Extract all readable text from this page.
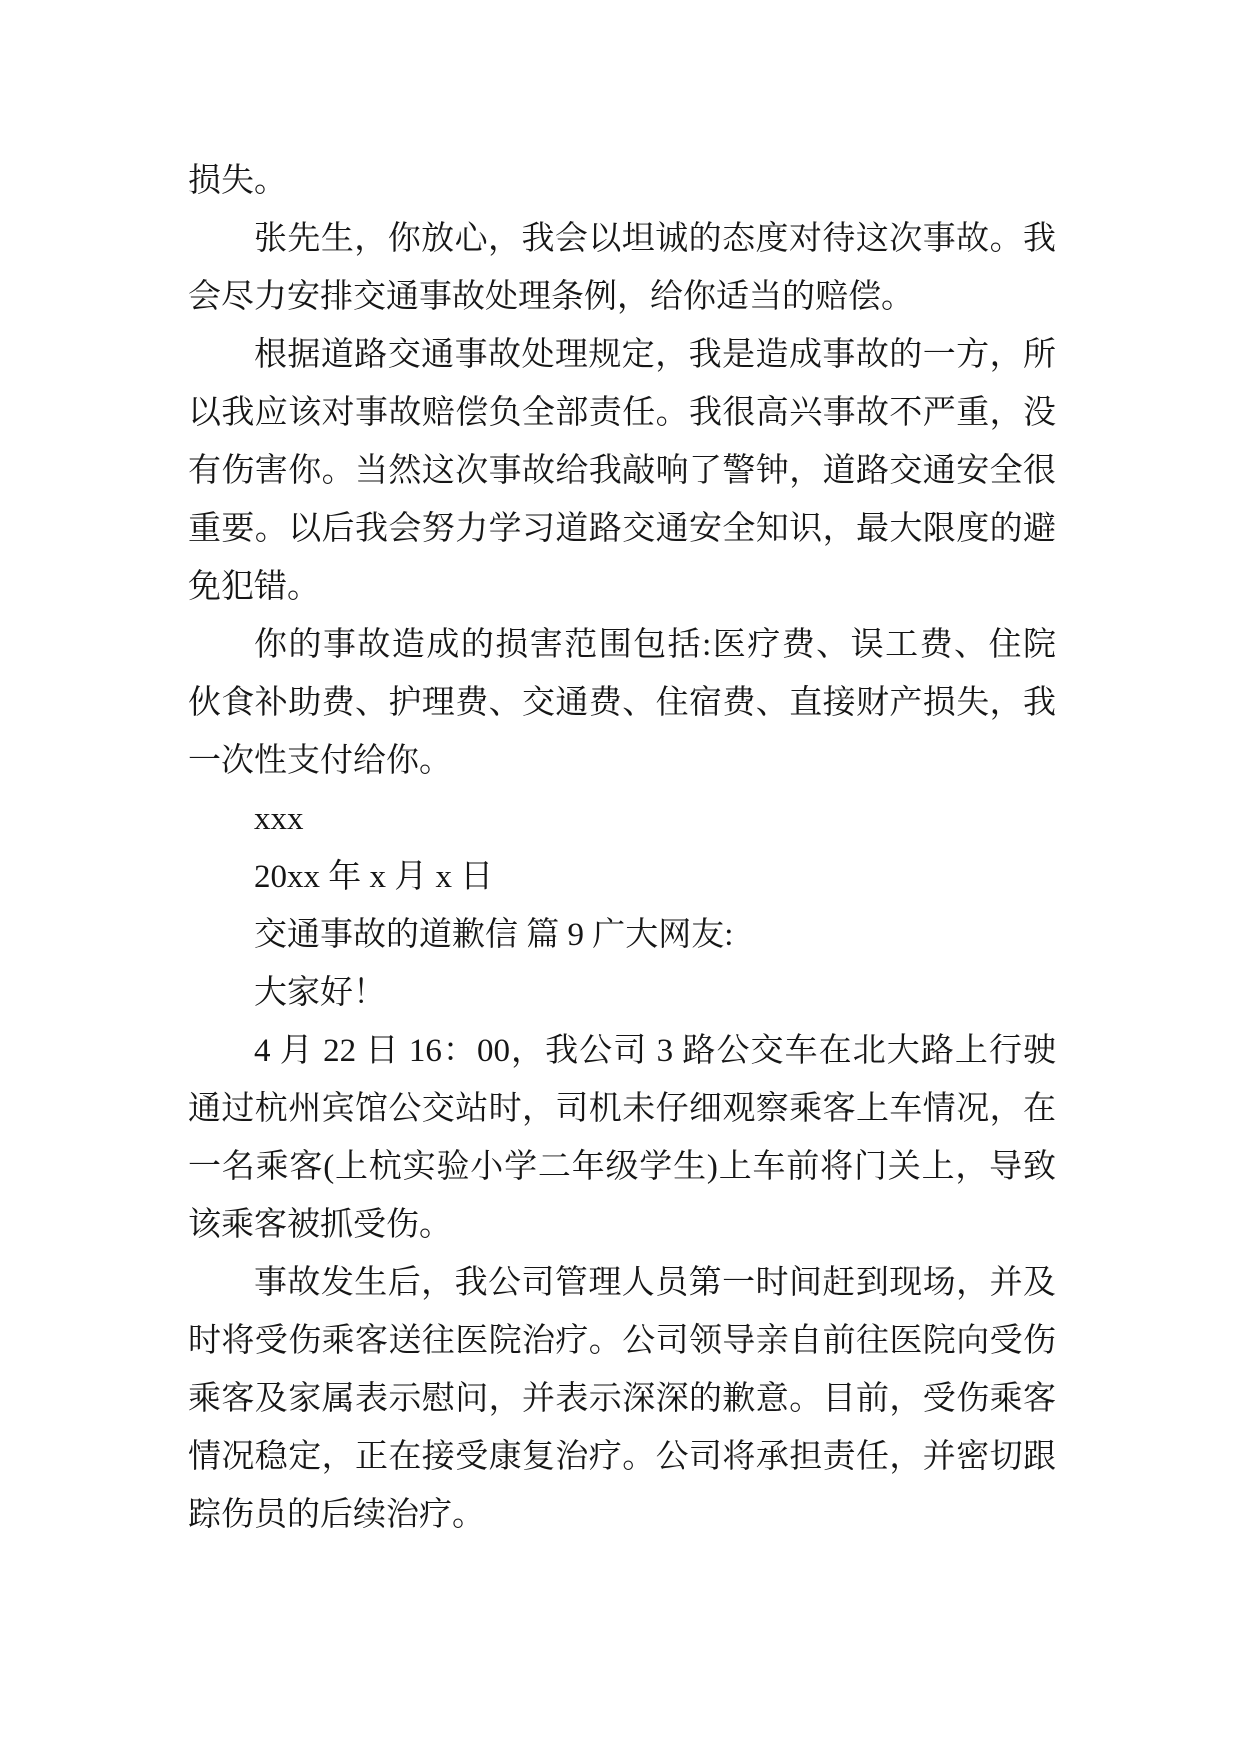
损失。
张先生，你放心，我会以坦诚的态度对待这次事故。我
会尽力安排交通事故处理条例，给你适当的赔偿。
根据道路交通事故处理规定，我是造成事故的一方，所
以我应该对事故赔偿负全部责任。我很高兴事故不严重，没
有伤害你。当然这次事故给我敲响了警钟，道路交通安全很
重要。以后我会努力学习道路交通安全知识，最大限度的避
免犯错。
你的事故造成的损害范围包括:医疗费、误工费、住院
伙食补助费、护理费、交通费、住宿费、直接财产损失，我
一次性支付给你。
xxx
20xx 年 x 月 x 日
交通事故的道歉信 篇 9 广大网友:
大家好！
4 月 22 日 16：00，我公司 3 路公交车在北大路上行驶
通过杭州宾馆公交站时，司机未仔细观察乘客上车情况，在
一名乘客(上杭实验小学二年级学生)上车前将门关上，导致
该乘客被抓受伤。
事故发生后，我公司管理人员第一时间赶到现场，并及
时将受伤乘客送往医院治疗。公司领导亲自前往医院向受伤
乘客及家属表示慰问，并表示深深的歉意。目前，受伤乘客
情况稳定，正在接受康复治疗。公司将承担责任，并密切跟
踪伤员的后续治疗。
